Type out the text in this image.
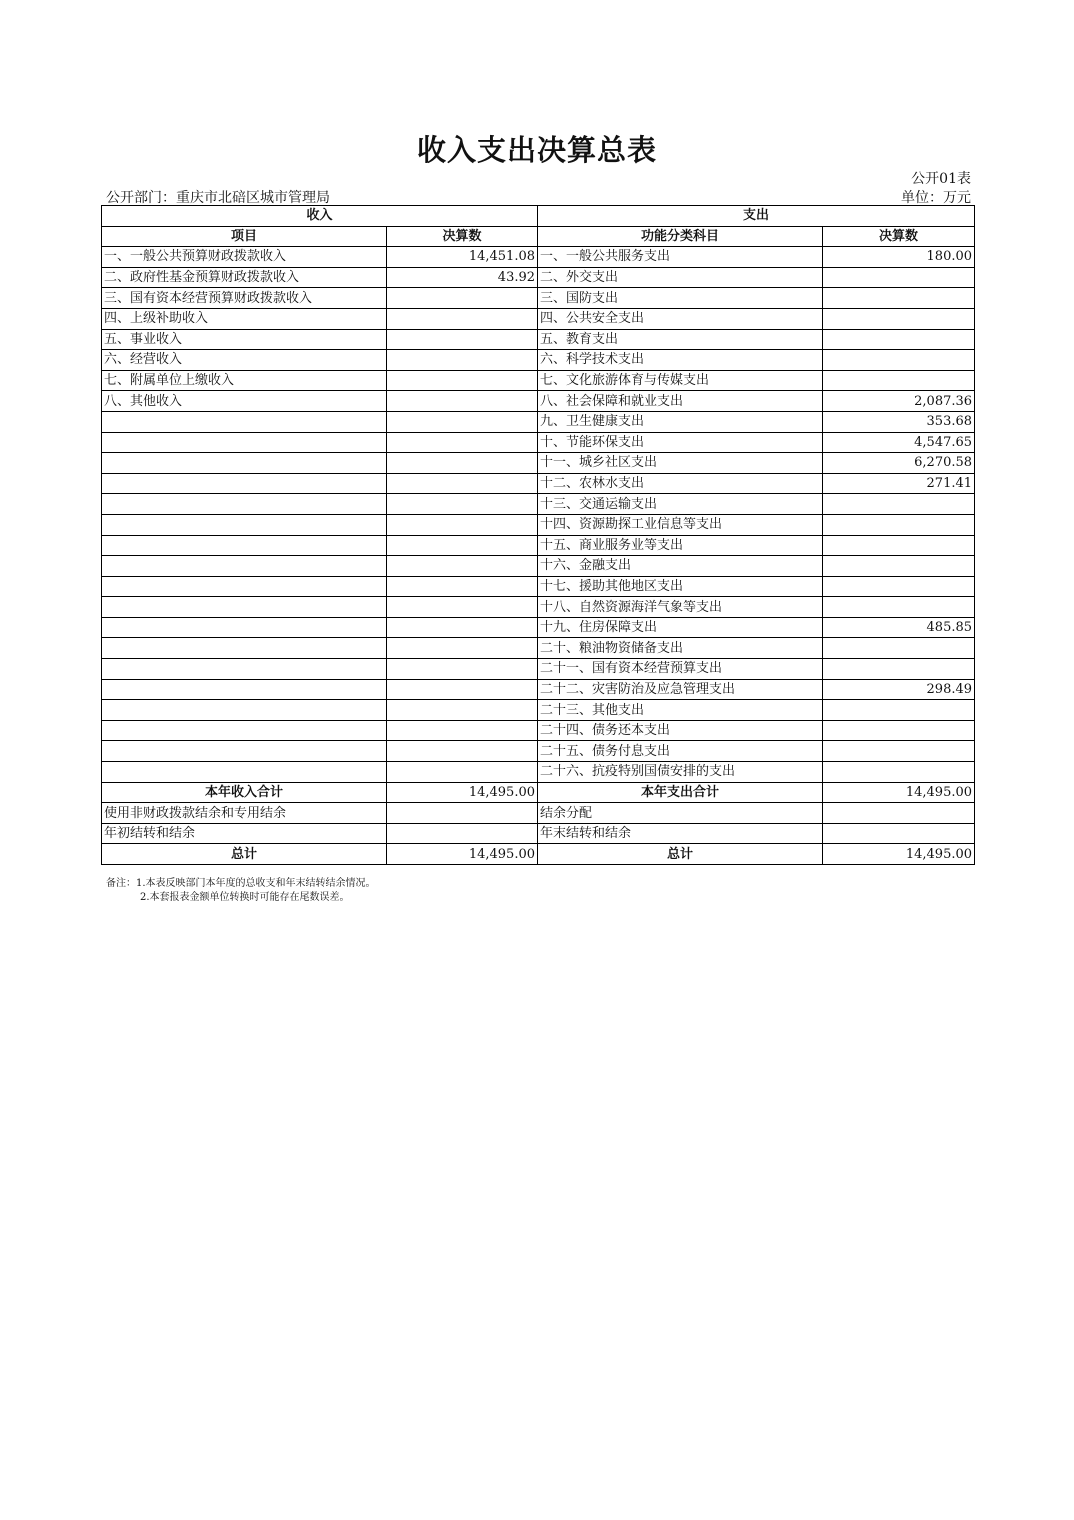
收入支出决算总表
公开01表
公开部门：重庆市北碚区城市管理局	单位：万元
收入		支出	
项目	决算数	功能分类科目	决算数
一、一般公共预算财政拨款收入	14,451.08	一、一般公共服务支出	180.00
二、政府性基金预算财政拨款收入	43.92	二、外交支出	
三、国有资本经营预算财政拨款收入		三、国防支出	
四、上级补助收入		四、公共安全支出	
五、事业收入		五、教育支出	
六、经营收入		六、科学技术支出	
七、附属单位上缴收入		七、文化旅游体育与传媒支出	
八、其他收入		八、社会保障和就业支出	2,087.36
		九、卫生健康支出	353.68
		十、节能环保支出	4,547.65
		十一、城乡社区支出	6,270.58
		十二、农林水支出	271.41
		十三、交通运输支出	
		十四、资源勘探工业信息等支出	
		十五、商业服务业等支出	
		十六、金融支出	
		十七、援助其他地区支出	
		十八、自然资源海洋气象等支出	
		十九、住房保障支出	485.85
		二十、粮油物资储备支出	
		二十一、国有资本经营预算支出	
		二十二、灾害防治及应急管理支出	298.49
		二十三、其他支出	
		二十四、债务还本支出	
		二十五、债务付息支出	
		二十六、抗疫特别国债安排的支出	
本年收入合计	14,495.00	本年支出合计	14,495.00
使用非财政拨款结余和专用结余		结余分配	
年初结转和结余		年末结转和结余	
总计	14,495.00	总计	14,495.00
备注：1.本表反映部门本年度的总收支和年末结转结余情况。
2.本套报表金额单位转换时可能存在尾数误差。
